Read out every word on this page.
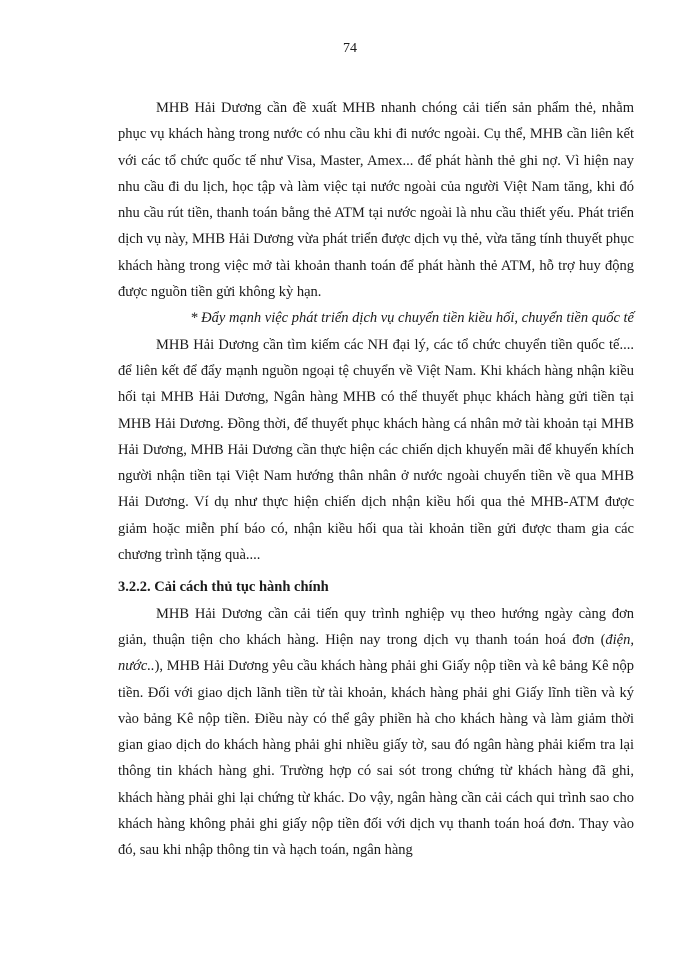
74

MHB Hải Dương cần đề xuất MHB nhanh chóng cải tiến sản phẩm thẻ, nhằm phục vụ khách hàng trong nước có nhu cầu khi đi nước ngoài. Cụ thể, MHB cần liên kết với các tổ chức quốc tế như Visa, Master, Amex... để phát hành thẻ ghi nợ. Vì hiện nay nhu cầu đi du lịch, học tập và làm việc tại nước ngoài của người Việt Nam tăng, khi đó nhu cầu rút tiền, thanh toán bằng thẻ ATM tại nước ngoài là nhu cầu thiết yếu. Phát triển dịch vụ này, MHB Hải Dương vừa phát triển được dịch vụ thẻ, vừa tăng tính thuyết phục khách hàng trong việc mở tài khoản thanh toán để phát hành thẻ ATM, hỗ trợ huy động được nguồn tiền gửi không kỳ hạn.

* Đẩy mạnh việc phát triển dịch vụ chuyển tiền kiều hối, chuyển tiền quốc tế

MHB Hải Dương cần tìm kiếm các NH đại lý, các tổ chức chuyển tiền quốc tế.... để liên kết để đẩy mạnh nguồn ngoại tệ chuyển về Việt Nam. Khi khách hàng nhận kiều hối tại MHB Hải Dương, Ngân hàng MHB có thể thuyết phục khách hàng gửi tiền tại MHB Hải Dương. Đồng thời, để thuyết phục khách hàng cá nhân mở tài khoản tại MHB Hải Dương, MHB Hải Dương cần thực hiện các chiến dịch khuyến mãi để khuyến khích người nhận tiền tại Việt Nam hướng thân nhân ở nước ngoài chuyển tiền về qua MHB Hải Dương. Ví dụ như thực hiện chiến dịch nhận kiều hối qua thẻ MHB-ATM được giảm hoặc miễn phí báo có, nhận kiều hối qua tài khoản tiền gửi được tham gia các chương trình tặng quà....

3.2.2. Cải cách thủ tục hành chính

MHB Hải Dương cần cải tiến quy trình nghiệp vụ theo hướng ngày càng đơn giản, thuận tiện cho khách hàng. Hiện nay trong dịch vụ thanh toán hoá đơn (điện, nước..), MHB Hải Dương yêu cầu khách hàng phải ghi Giấy nộp tiền và kê bảng Kê nộp tiền. Đối với giao dịch lãnh tiền từ tài khoản, khách hàng phải ghi Giấy lĩnh tiền và ký vào bảng Kê nộp tiền. Điều này có thể gây phiền hà cho khách hàng và làm giảm thời gian giao dịch do khách hàng phải ghi nhiều giấy tờ, sau đó ngân hàng phải kiểm tra lại thông tin khách hàng ghi. Trường hợp có sai sót trong chứng từ khách hàng đã ghi, khách hàng phải ghi lại chứng từ khác. Do vậy, ngân hàng cần cải cách qui trình sao cho khách hàng không phải ghi giấy nộp tiền đối với dịch vụ thanh toán hoá đơn. Thay vào đó, sau khi nhập thông tin và hạch toán, ngân hàng
